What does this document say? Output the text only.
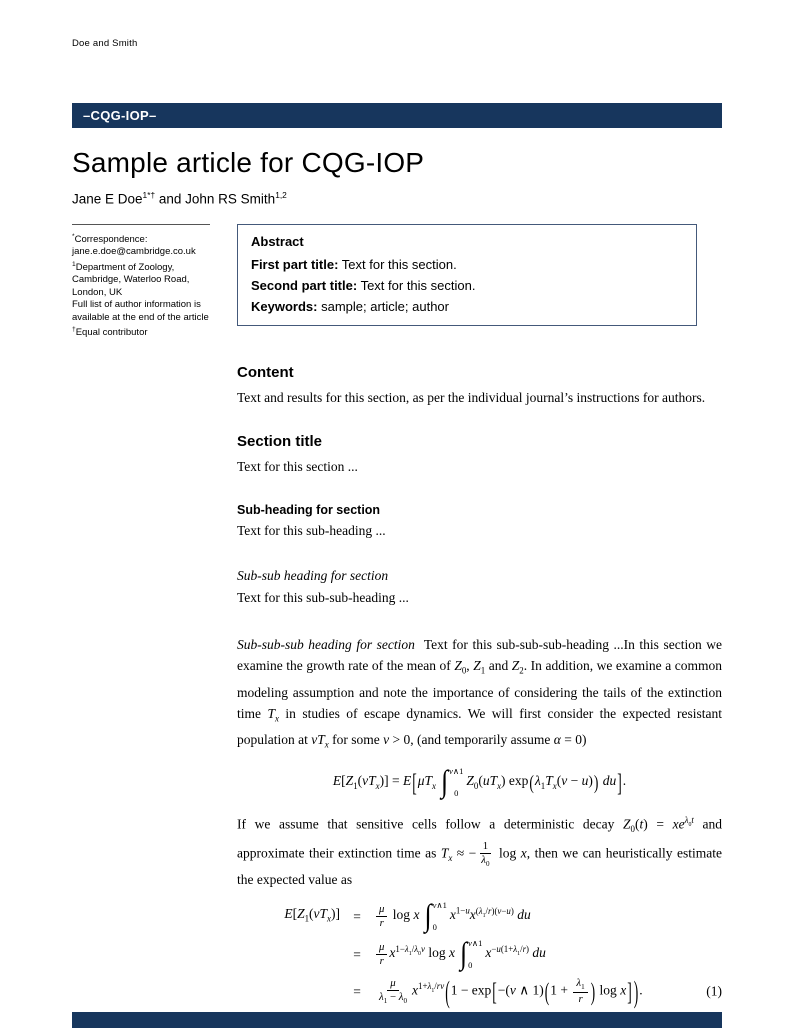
Doe and Smith
–CQG-IOP–
Sample article for CQG-IOP
Jane E Doe$^{1*\dagger}$ and John RS Smith$^{1,2}$
*Correspondence:
jane.e.doe@cambridge.co.uk
$^1$Department of Zoology,
Cambridge, Waterloo Road,
London, UK
Full list of author information is
available at the end of the article
†Equal contributor
Abstract
First part title: Text for this section.
Second part title: Text for this section.
Keywords: sample; article; author
Content

Text and results for this section, as per the individual journal’s instructions for authors.

Section title

Text for this section ...

Sub-heading for section

Text for this sub-heading ...

Sub-sub heading for section

Text for this sub-sub-heading ...

Sub-sub-sub heading for section Text for this sub-sub-sub-heading ...In this section we examine the growth rate of the mean of $Z_0$, $Z_1$ and $Z_2$. In addition, we examine a common modeling assumption and note the importance of considering the tails of the extinction time $T_x$ in studies of escape dynamics. We will first consider the expected resistant population at $vT_x$ for some v > 0, (and temporarily assume α = 0)

$E[Z_1(vT_x)] = E[\mu T_x$ ∫ v∧1
0
$Z_0(uT_x) \exp(\lambda_1T_x(v - u))$ du].

If we assume that sensitive cells follow a deterministic decay $Z_0(t) = xe^{\lambda_0t}$ and approximate their extinction time as $T_x$ ≈ − $\frac{1}{\lambda_0}$ log x, then we can heuristically estimate the expected value as

$E[Z_1(vT_x)]$ =	$\frac{\mu}{r}$ log x ∫ v∧1
0
$x^{1-u}x^{(\lambda_1/r)(v-u)}$ du
=	$\frac{\mu}{r} x^{1-\lambda_1/\lambda_0v}$ log x ∫ v∧1
0
$x^{-u(1+\lambda_1/r)}$ du
=	$\frac{\mu}{\lambda_1 - \lambda_0} x^{1+\lambda_1/rv}(1 - \exp[-(v$ ∧ $1)(1 + \frac{\lambda_1}{r}$ ) log x] ).	(1)
